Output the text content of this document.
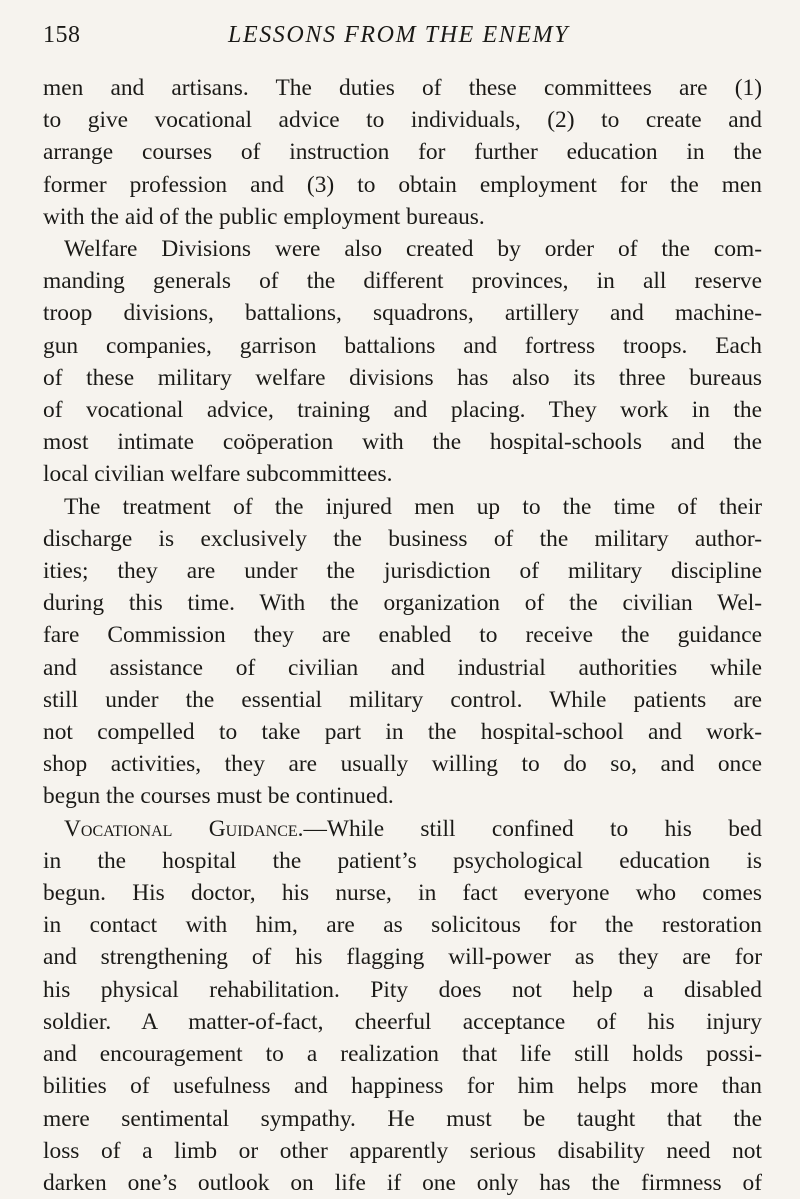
158	LESSONS FROM THE ENEMY
men and artisans. The duties of these committees are (1)
to give vocational advice to individuals, (2) to create and
arrange courses of instruction for further education in the
former profession and (3) to obtain employment for the men
with the aid of the public employment bureaus.
Welfare Divisions were also created by order of the com-
manding generals of the different provinces, in all reserve
troop divisions, battalions, squadrons, artillery and machine-
gun companies, garrison battalions and fortress troops. Each
of these military welfare divisions has also its three bureaus
of vocational advice, training and placing. They work in the
most intimate coöperation with the hospital-schools and the
local civilian welfare subcommittees.
The treatment of the injured men up to the time of their
discharge is exclusively the business of the military author-
ities; they are under the jurisdiction of military discipline
during this time. With the organization of the civilian Wel-
fare Commission they are enabled to receive the guidance
and assistance of civilian and industrial authorities while
still under the essential military control. While patients are
not compelled to take part in the hospital-school and work-
shop activities, they are usually willing to do so, and once
begun the courses must be continued.
Vocational Guidance.—While still confined to his bed
in the hospital the patient’s psychological education is
begun. His doctor, his nurse, in fact everyone who comes
in contact with him, are as solicitous for the restoration
and strengthening of his flagging will-power as they are for
his physical rehabilitation. Pity does not help a disabled
soldier. A matter-of-fact, cheerful acceptance of his injury
and encouragement to a realization that life still holds possi-
bilities of usefulness and happiness for him helps more than
mere sentimental sympathy. He must be taught that the
loss of a limb or other apparently serious disability need not
darken one’s outlook on life if one only has the firmness of
